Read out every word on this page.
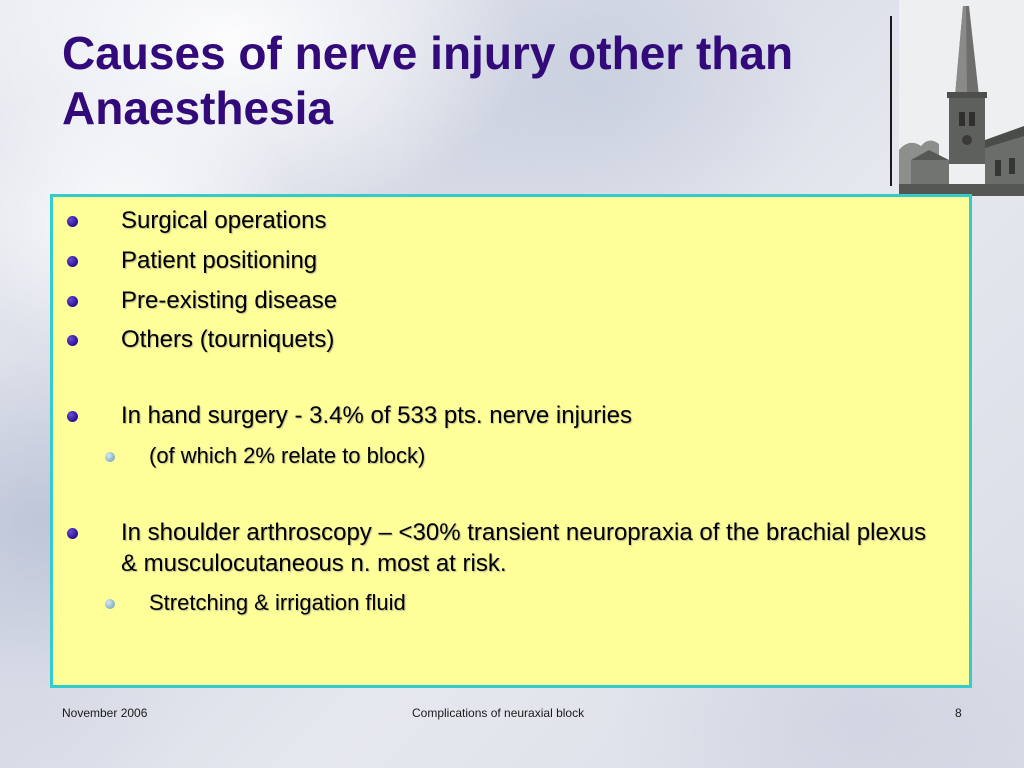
Causes of nerve injury other than Anaesthesia
Surgical operations
Patient positioning
Pre-existing disease
Others (tourniquets)
In hand surgery - 3.4% of 533 pts. nerve injuries
(of which 2% relate to block)
In shoulder arthroscopy – <30% transient neuropraxia of the brachial plexus & musculocutaneous n. most at risk.
Stretching & irrigation fluid
November 2006	Complications of neuraxial block	8
